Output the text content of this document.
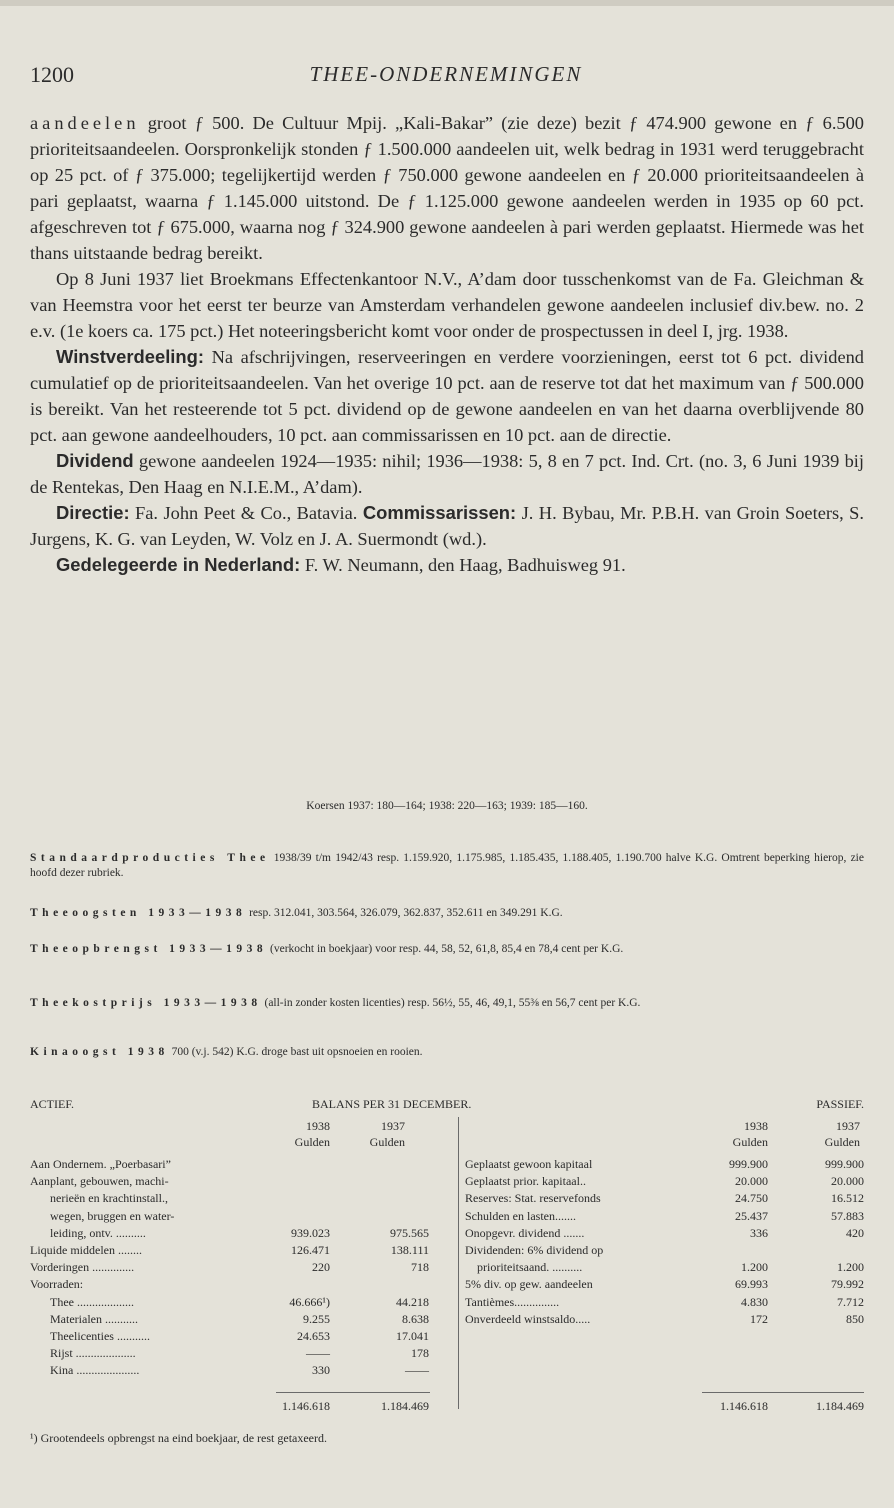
1200	THEE-ONDERNEMINGEN

aandeelen groot ƒ 500. De Cultuur Mpij. „Kali-Bakar” (zie deze) bezit ƒ 474.900 gewone en ƒ 6.500 prioriteitsaandeelen. Oorspronkelijk stonden ƒ 1.500.000 aandeelen uit, welk bedrag in 1931 werd teruggebracht op 25 pct. of ƒ 375.000; tegelijkertijd werden ƒ 750.000 gewone aandeelen en ƒ 20.000 prioriteitsaandeelen à pari geplaatst, waarna ƒ 1.145.000 uitstond. De ƒ 1.125.000 gewone aandeelen werden in 1935 op 60 pct. afgeschreven tot ƒ 675.000, waarna nog ƒ 324.900 gewone aandeelen à pari werden geplaatst. Hiermede was het thans uitstaande bedrag bereikt.

Op 8 Juni 1937 liet Broekmans Effectenkantoor N.V., A’dam door tusschenkomst van de Fa. Gleichman & van Heemstra voor het eerst ter beurze van Amsterdam verhandelen gewone aandeelen inclusief div.bew. no. 2 e.v. (1e koers ca. 175 pct.) Het noteeringsbericht komt voor onder de prospectussen in deel I, jrg. 1938.

Winstverdeeling: Na afschrijvingen, reserveeringen en verdere voorzieningen, eerst tot 6 pct. dividend cumulatief op de prioriteitsaandeelen. Van het overige 10 pct. aan de reserve tot dat het maximum van ƒ 500.000 is bereikt. Van het resteerende tot 5 pct. dividend op de gewone aandeelen en van het daarna overblijvende 80 pct. aan gewone aandeelhouders, 10 pct. aan commissarissen en 10 pct. aan de directie.

Dividend gewone aandeelen 1924—1935: nihil; 1936—1938: 5, 8 en 7 pct. Ind. Crt. (no. 3, 6 Juni 1939 bij de Rentekas, Den Haag en N.I.E.M., A’dam).

Directie: Fa. John Peet & Co., Batavia. Commissarissen: J. H. Bybau, Mr. P.B.H. van Groin Soeters, S. Jurgens, K. G. van Leyden, W. Volz en J. A. Suermondt (wd.).

Gedelegeerde in Nederland: F. W. Neumann, den Haag, Badhuisweg 91.

Koersen 1937: 180—164; 1938: 220—163; 1939: 185—160.
Standaardproducties Thee 1938/39 t/m 1942/43 resp. 1.159.920, 1.175.985, 1.185.435, 1.188.405, 1.190.700 halve K.G. Omtrent beperking hierop, zie hoofd dezer rubriek.
Theeoogsten 1933—1938 resp. 312.041, 303.564, 326.079, 362.837, 352.611 en 349.291 K.G.
Theeopbrengst 1933—1938 (verkocht in boekjaar) voor resp. 44, 58, 52, 61,8, 85,4 en 78,4 cent per K.G.
Theekostprijs 1933—1938 (all-in zonder kosten licenties) resp. 56½, 55, 46, 49,1, 55⅜ en 56,7 cent per K.G.
Kinaoogst 1938 700 (v.j. 542) K.G. droge bast uit opsnoeien en rooien.
ACTIEF.	BALANS PER 31 DECEMBER.	PASSIEF.
1938	1937
Gulden	Gulden
1938	1937
Gulden	Gulden
Aan Ondernem. „Poerbasari”
Aanplant, gebouwen, machi-
nerieën en krachtinstall.,
wegen, bruggen en water-
leiding, ontv. ..........	939.023	975.565
Liquide middelen ........	126.471	138.111
Vorderingen ..............	220	718
Voorraden:
Thee ...................	46.666¹)	44.218
Materialen ...........	9.255	8.638
Theelicenties ...........	24.653	17.041
Rijst ....................	——	178
Kina .....................	330	——
Geplaatst gewoon kapitaal	999.900	999.900
Geplaatst prior. kapitaal..	20.000	20.000
Reserves: Stat. reservefonds	24.750	16.512
Schulden en lasten.......	25.437	57.883
Onopgevr. dividend .......	336	420
Dividenden: 6% dividend op
prioriteitsaand. ..........	1.200	1.200
5% div. op gew. aandeelen	69.993	79.992
Tantièmes...............	4.830	7.712
Onverdeeld winstsaldo.....	172	850
1.146.618	1.184.469	1.146.618	1.184.469
¹) Grootendeels opbrengst na eind boekjaar, de rest getaxeerd.
